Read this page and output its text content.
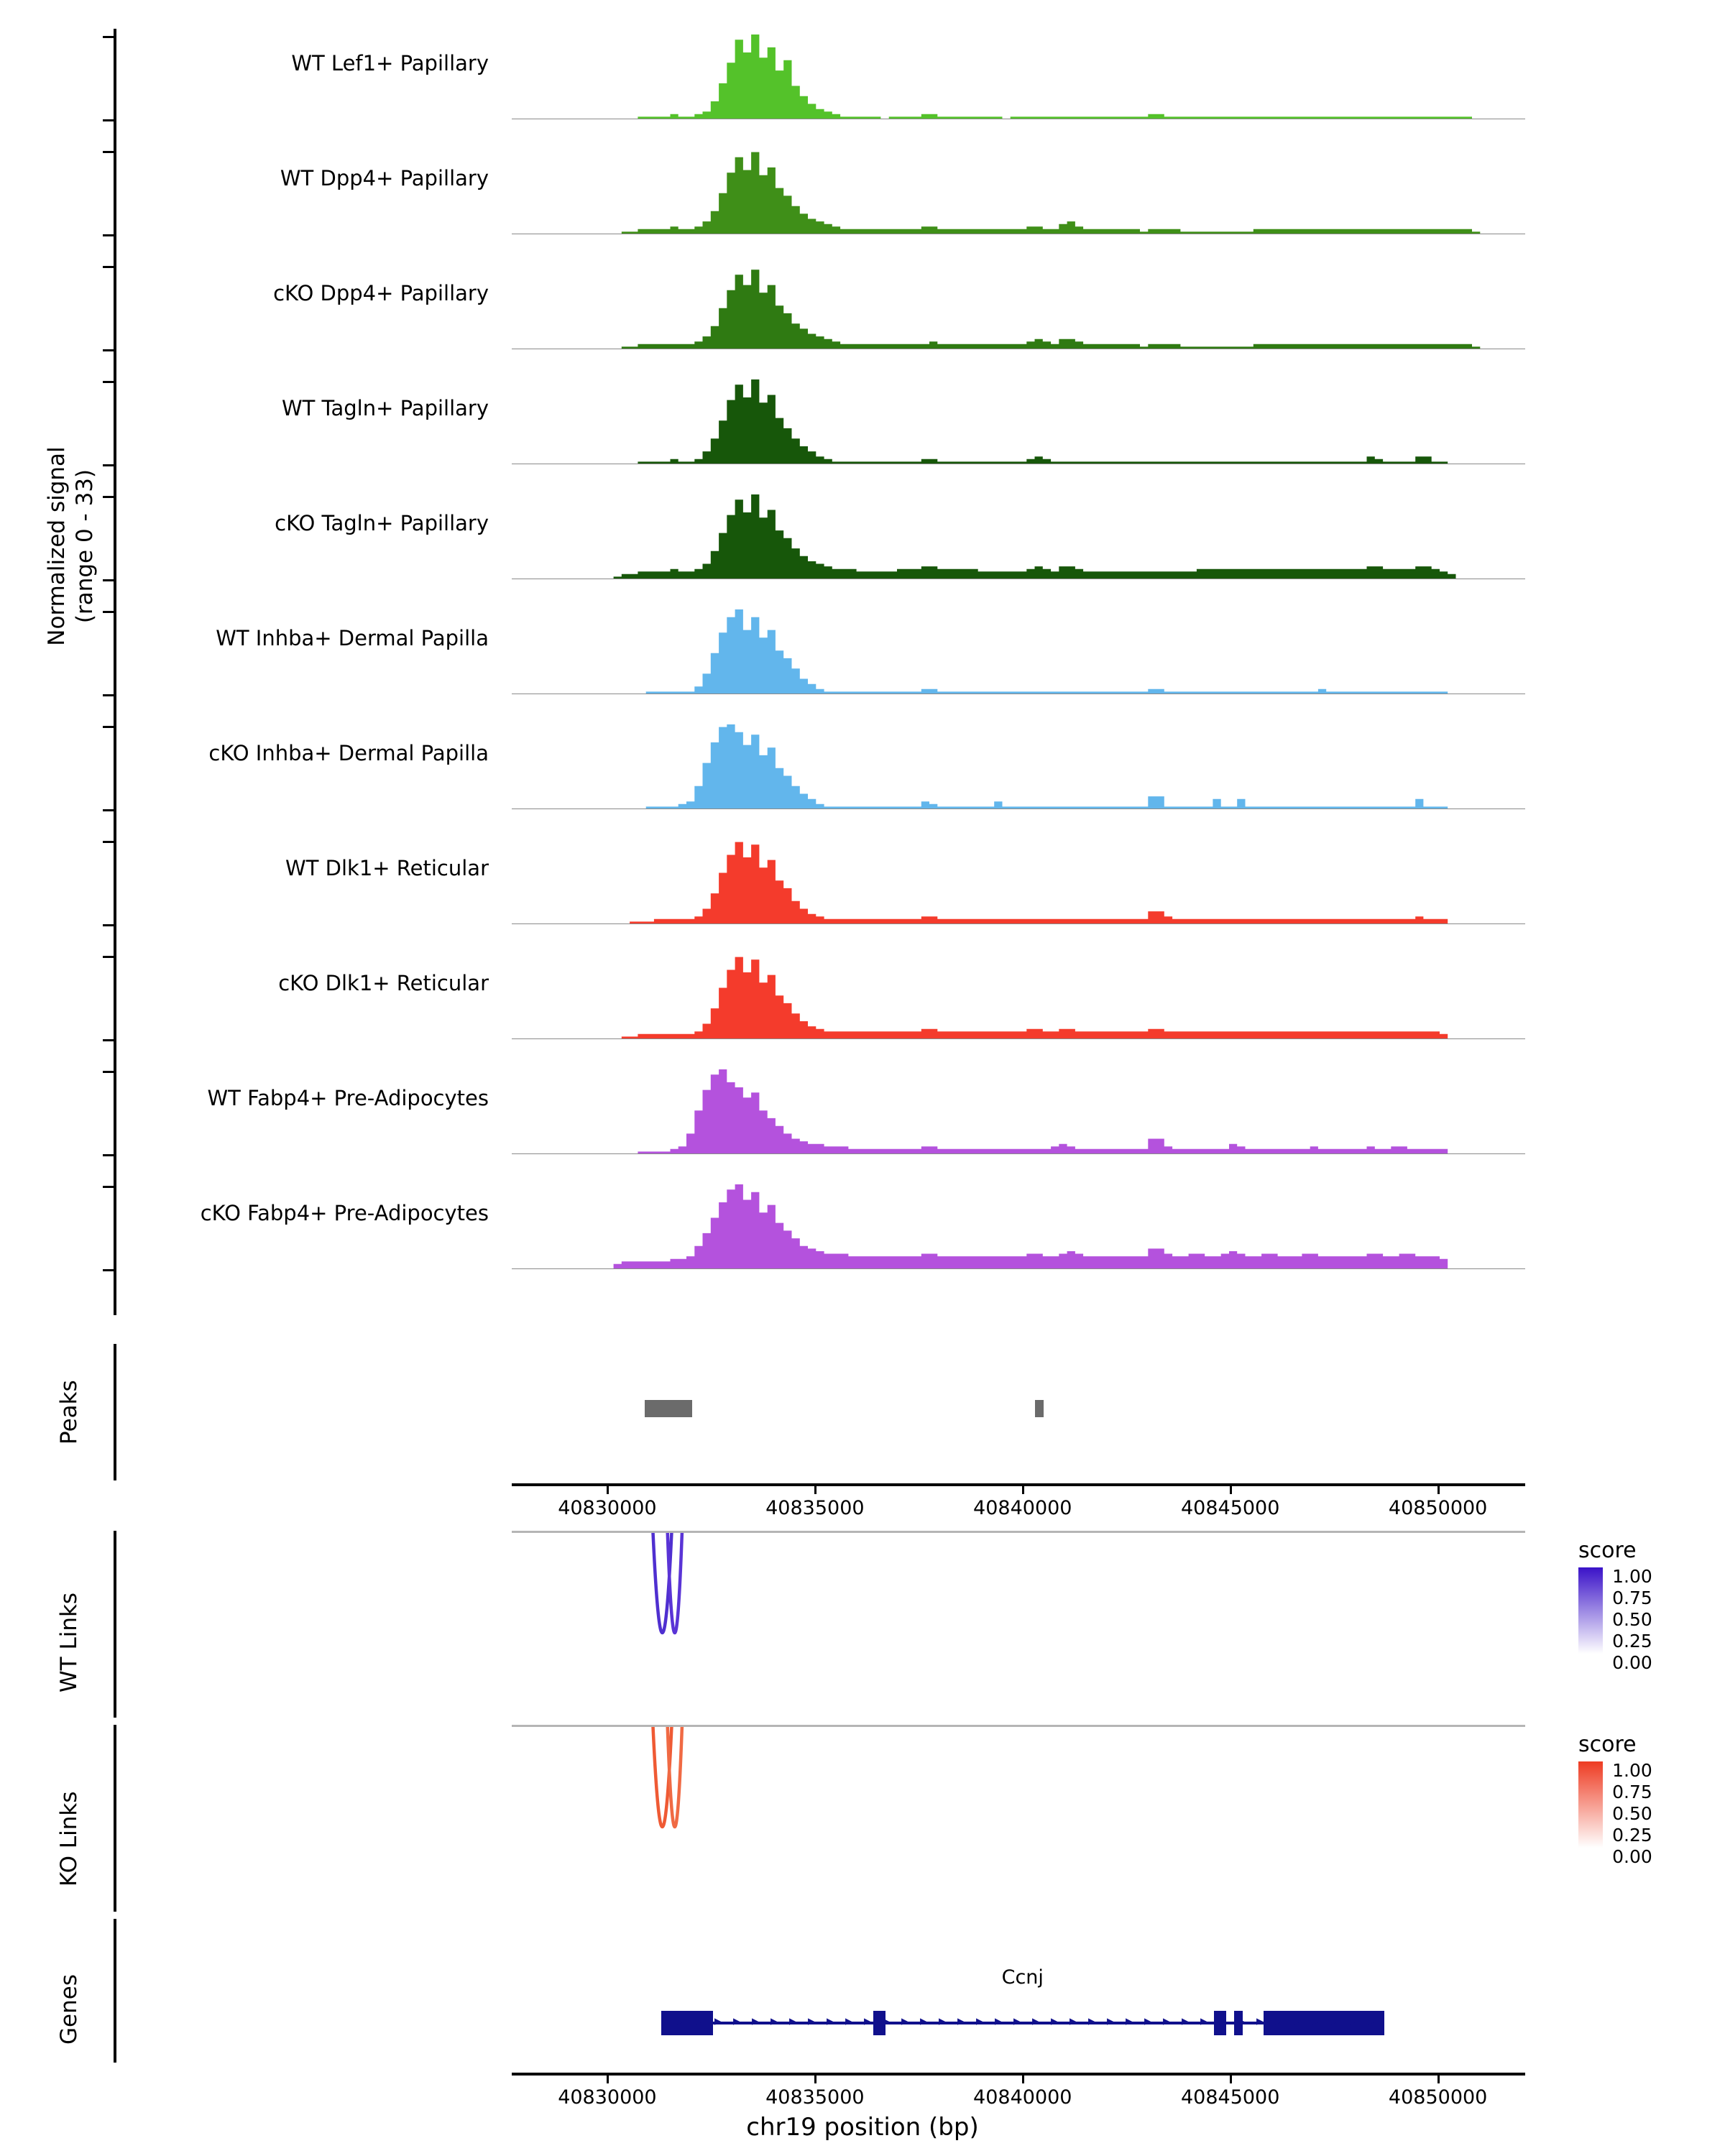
Normalized signal
(range 0 - 33)
WT Lef1+ Papillary
WT Dpp4+ Papillary
cKO Dpp4+ Papillary
WT Tagln+ Papillary
cKO Tagln+ Papillary
WT Inhba+ Dermal Papilla
cKO Inhba+ Dermal Papilla
WT Dlk1+ Reticular
cKO Dlk1+ Reticular
WT Fabp4+ Pre-Adipocytes
cKO Fabp4+ Pre-Adipocytes
Peaks
40830000	40835000	40840000	40845000	40850000
WT Links
score

1.00
0.75
0.50
0.25
0.00
KO Links
score

1.00
0.75
0.50
0.25
0.00
Genes	Ccnj
▸ ▸ ▸ ▸ ▸ ▸ ▸ ▸ ▸ ▸ ▸ ▸ ▸ ▸ ▸ ▸ ▸ ▸ ▸ ▸ ▸ ▸ ▸ ▸ ▸ ▸ ▸ ▸ ▸ ▸ ▸ ▸ ▸ ▸ ▸ ▸ ▸ ▸
40830000	40835000	40840000	40845000	40850000
chr19 position (bp)
